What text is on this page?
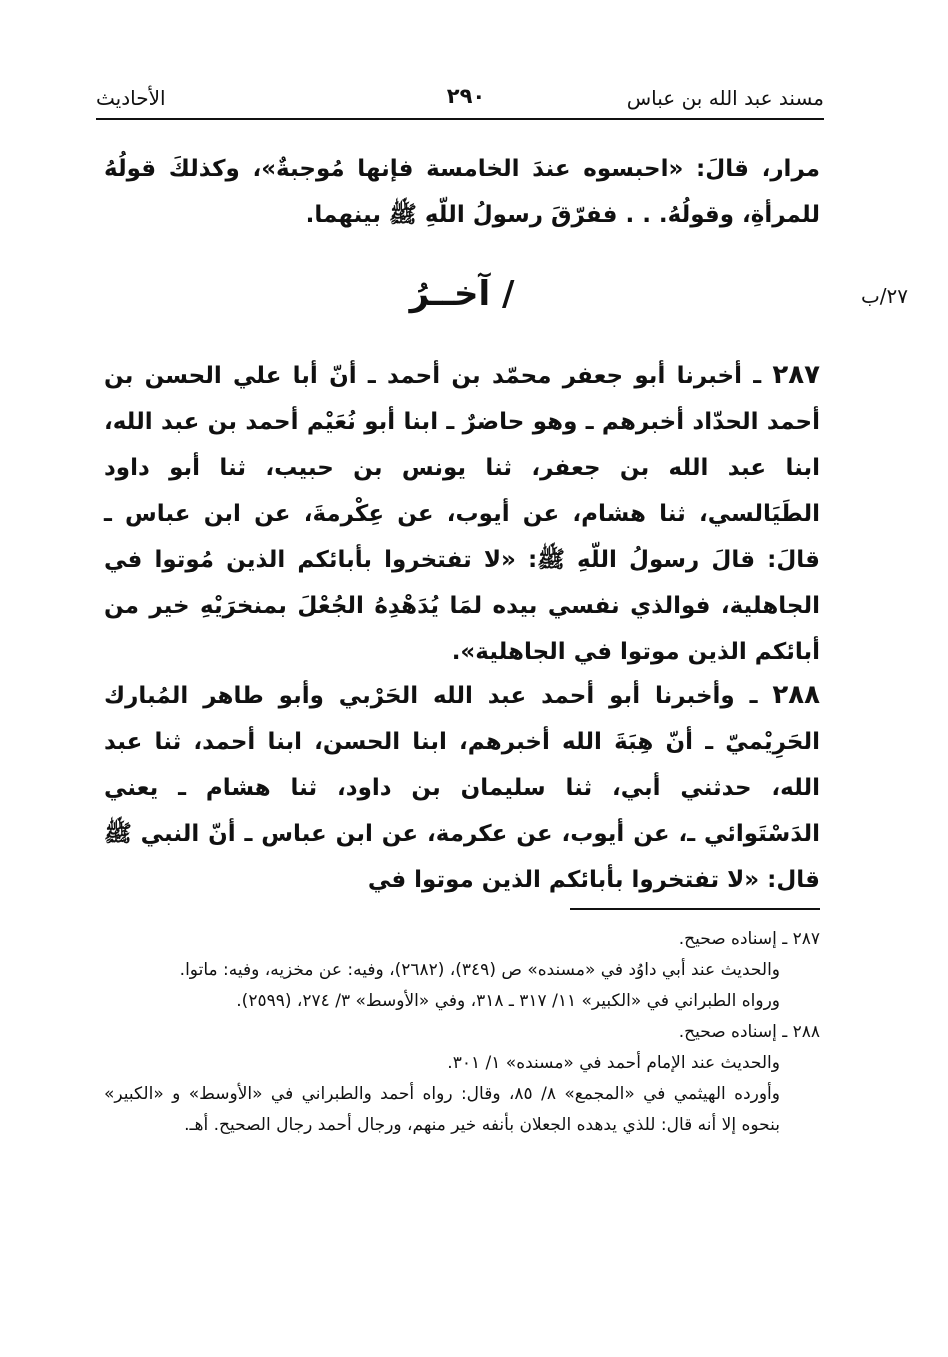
مسند عبد الله بن عباس
٢٩٠
الأحاديث

مرار، قالَ: «احبسوه عندَ الخامسة فإنها مُوجبةٌ»، وكذلكَ قولُهُ للمرأةِ، وقولُهُ. . . ففرّقَ رسولُ اللّهِ ﷺ بينهما.

/ آخــرُ	٢٧/ب

٢٨٧ ـ أخبرنا أبو جعفر محمّد بن أحمد ـ أنّ أبا علي الحسن بن أحمد الحدّاد أخبرهم ـ وهو حاضرٌ ـ ابنا أبو نُعَيْم أحمد بن عبد الله، ابنا عبد الله بن جعفر، ثنا يونس بن حبيب، ثنا أبو داود الطَيَالسي، ثنا هشام، عن أيوب، عن عِكْرمةَ، عن ابن عباس ـ قالَ: قالَ رسولُ اللّهِ ﷺ: «لا تفتخروا بأبائكم الذين مُوتوا في الجاهلية، فوالذي نفسي بيده لمَا يُدَهْدِهُ الجُعْلَ بمنخرَيْهِ خير من أبائكم الذين موتوا في الجاهلية».

٢٨٨ ـ وأخبرنا أبو أحمد عبد الله الحَرْبي وأبو طاهر المُبارك الحَرِيْميّ ـ أنّ هِبَةَ الله أخبرهم، ابنا الحسن، ابنا أحمد، ثنا عبد الله، حدثني أبي، ثنا سليمان بن داود، ثنا هشام ـ يعني الدَسْتَوائي ـ، عن أيوب، عن عكرمة، عن ابن عباس ـ أنّ النبي ﷺ قال: «لا تفتخروا بأبائكم الذين موتوا في

٢٨٧ ـ إسناده صحيح.

والحديث عند أبي داوُد في «مسنده» ص (٣٤٩)، (٢٦٨٢)، وفيه: عن مخزيه، وفيه: ماتوا.

ورواه الطبراني في «الكبير» ١١/ ٣١٧ ـ ٣١٨، وفي «الأوسط» ٣/ ٢٧٤، (٢٥٩٩).

٢٨٨ ـ إسناده صحيح.

والحديث عند الإمام أحمد في «مسنده» ١/ ٣٠١.

وأورده الهيثمي في «المجمع» ٨/ ٨٥، وقال: رواه أحمد والطبراني في «الأوسط» و «الكبير» بنحوه إلا أنه قال: للذي يدهده الجعلان بأنفه خير منهم، ورجال أحمد رجال الصحيح. أهـ.
